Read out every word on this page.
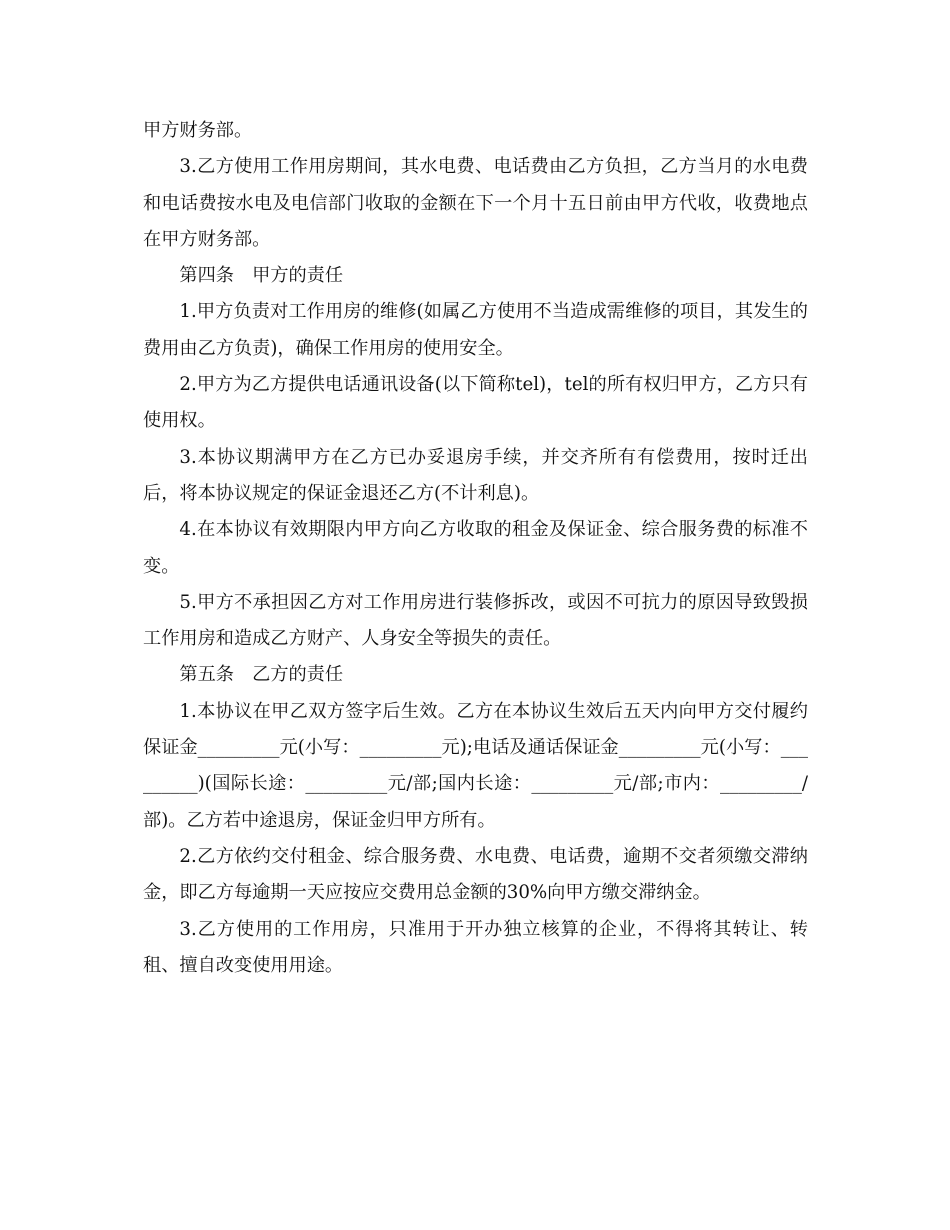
甲方财务部。

3.乙方使用工作用房期间，其水电费、电话费由乙方负担，乙方当月的水电费和电话费按水电及电信部门收取的金额在下一个月十五日前由甲方代收，收费地点在甲方财务部。

第四条　甲方的责任

1.甲方负责对工作用房的维修(如属乙方使用不当造成需维修的项目，其发生的费用由乙方负责)，确保工作用房的使用安全。

2.甲方为乙方提供电话通讯设备(以下简称tel)，tel的所有权归甲方，乙方只有使用权。

3.本协议期满甲方在乙方已办妥退房手续，并交齐所有有偿费用，按时迁出后，将本协议规定的保证金退还乙方(不计利息)。

4.在本协议有效期限内甲方向乙方收取的租金及保证金、综合服务费的标准不变。

5.甲方不承担因乙方对工作用房进行装修拆改，或因不可抗力的原因导致毁损工作用房和造成乙方财产、人身安全等损失的责任。

第五条　乙方的责任

1.本协议在甲乙双方签字后生效。乙方在本协议生效后五天内向甲方交付履约保证金_________元(小写：_________元);电话及通话保证金_________元(小写：_________)(国际长途：_________元/部;国内长途：_________元/部;市内：_________/部)。乙方若中途退房，保证金归甲方所有。

2.乙方依约交付租金、综合服务费、水电费、电话费，逾期不交者须缴交滞纳金，即乙方每逾期一天应按应交费用总金额的30%向甲方缴交滞纳金。

3.乙方使用的工作用房，只准用于开办独立核算的企业，不得将其转让、转租、擅自改变使用用途。
